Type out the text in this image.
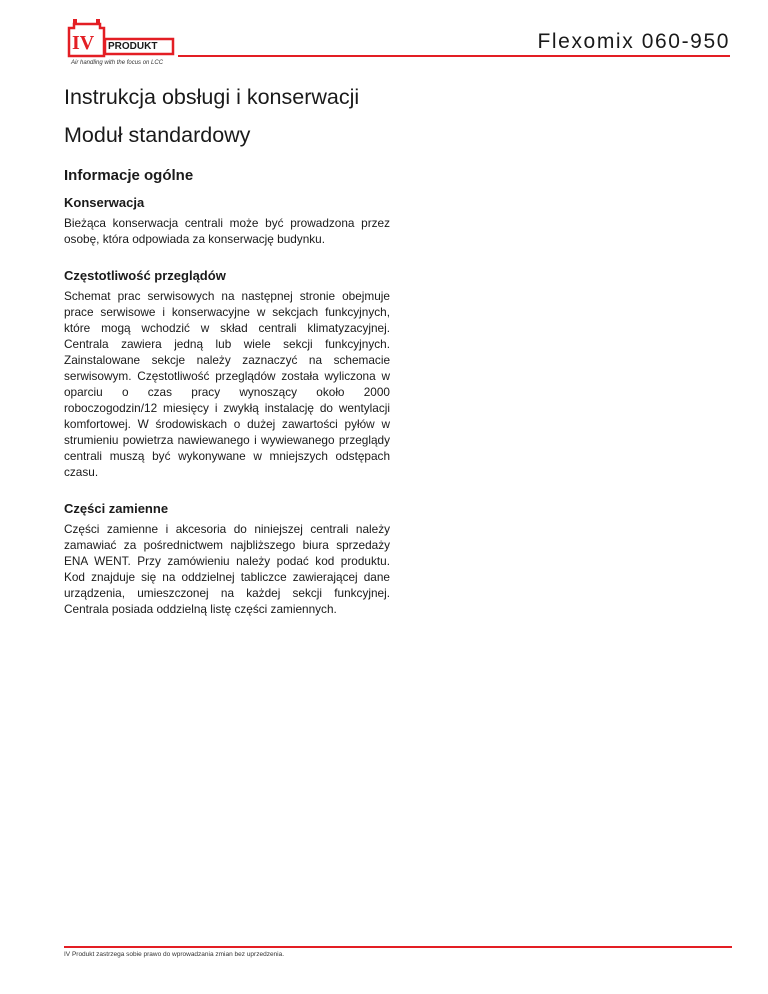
IV PRODUKT
Air handling with the focus on LCC
Flexomix 060-950
Instrukcja obsługi i konserwacji
Moduł standardowy
Informacje ogólne
Konserwacja

Bieżąca konserwacja centrali może być prowadzona przez osobę, która odpowiada za konserwację budynku.

Częstotliwość przeglądów

Schemat prac serwisowych na następnej stronie obejmuje prace serwisowe i konserwacyjne w sekcjach funkcyjnych, które mogą wchodzić w skład centrali klimatyzacyjnej. Centrala zawiera jedną lub wiele sekcji funkcyjnych. Zainstalowane sekcje należy zaznaczyć na schemacie serwisowym. Częstotliwość przeglądów została wyliczona w oparciu o czas pracy wynoszący około 2000 roboczogodzin/12 miesięcy i zwykłą instalację do wentylacji komfortowej. W środowiskach o dużej zawartości pyłów w strumieniu powietrza nawiewanego i wywiewanego przeglądy centrali muszą być wykonywane w mniejszych odstępach czasu.

Części zamienne

Części zamienne i akcesoria do niniejszej centrali należy zamawiać za pośrednictwem najbliższego biura sprzedaży ENA WENT. Przy zamówieniu należy podać kod produktu. Kod znajduje się na oddzielnej tabliczce zawierającej dane urządzenia, umieszczonej na każdej sekcji funkcyjnej. Centrala posiada oddzielną listę części zamiennych.

IV Produkt zastrzega sobie prawo do wprowadzania zmian bez uprzedzenia.
